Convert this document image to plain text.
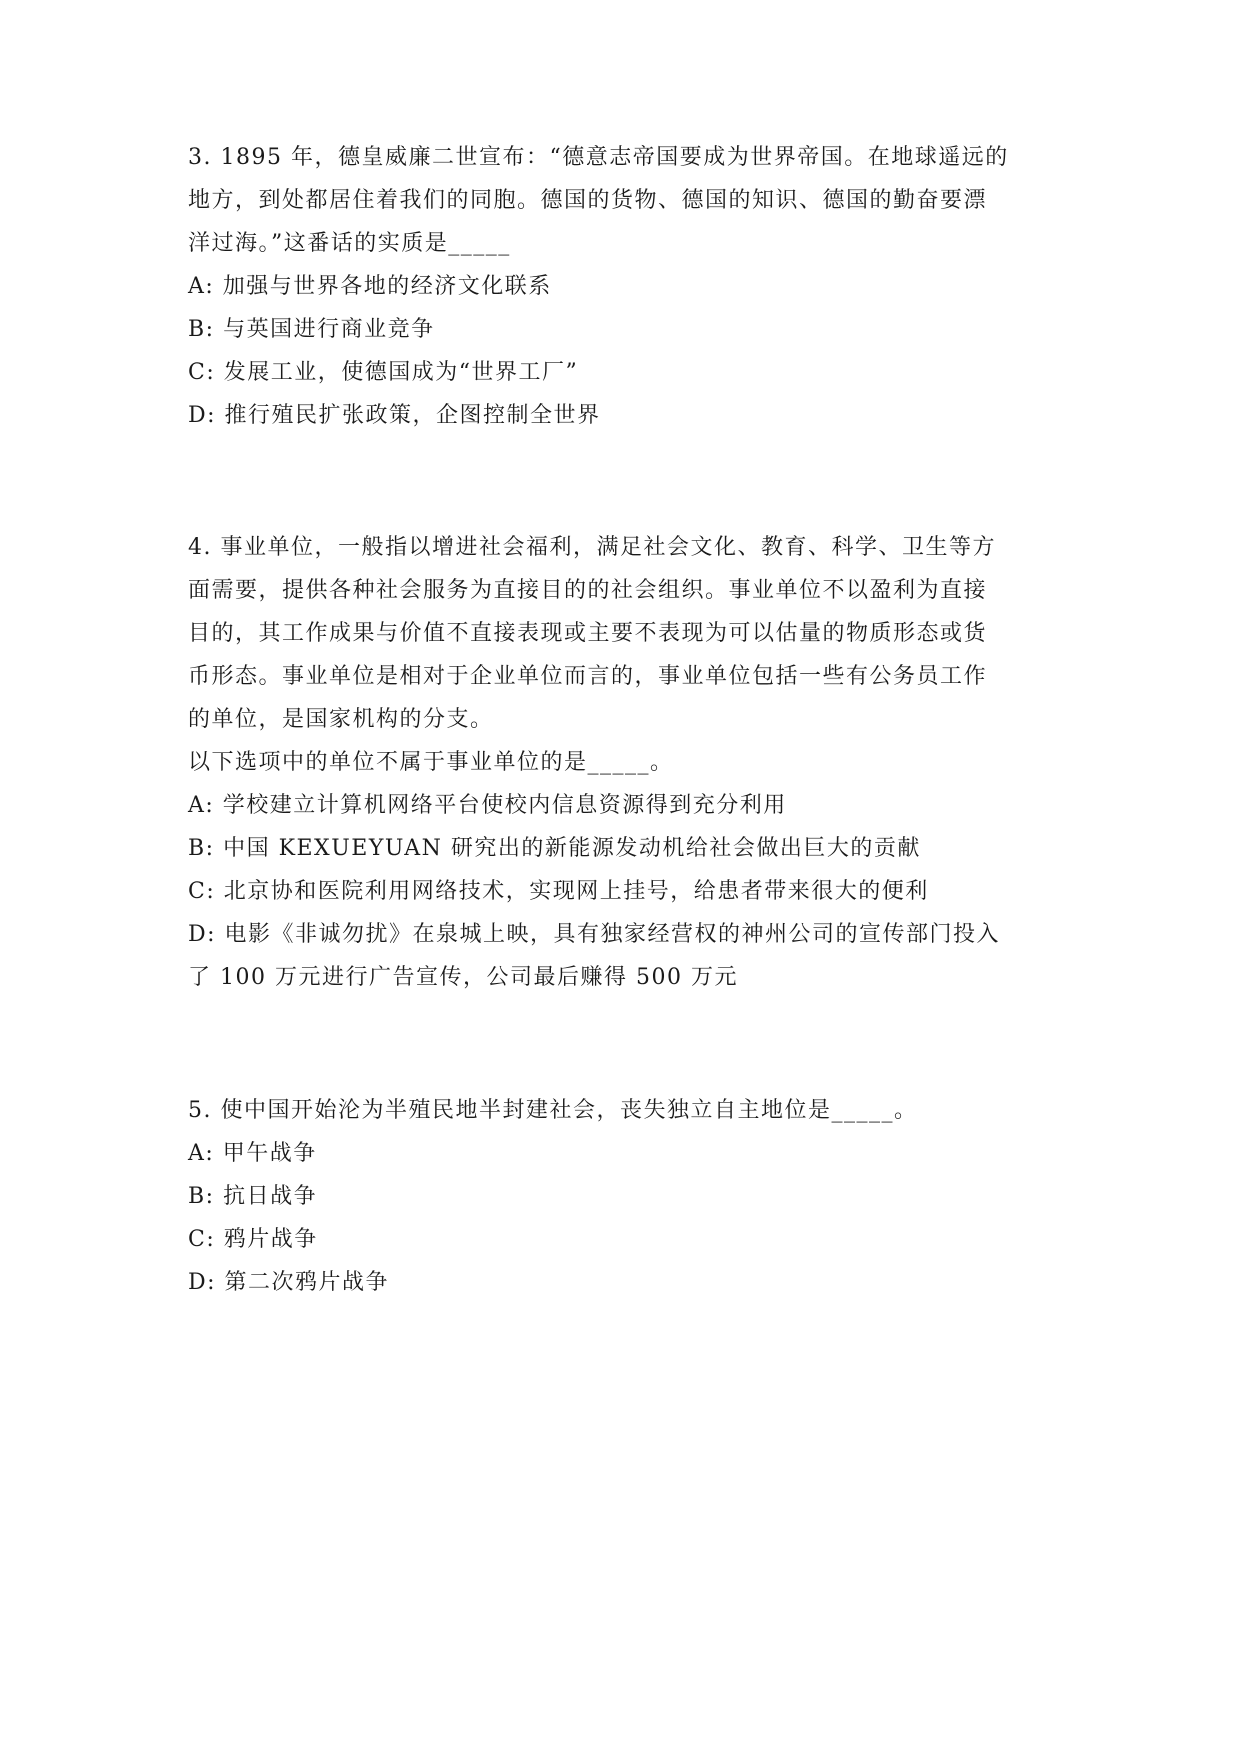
3. 1895 年，德皇威廉二世宣布：“德意志帝国要成为世界帝国。在地球遥远的

地方，到处都居住着我们的同胞。德国的货物、德国的知识、德国的勤奋要漂

洋过海。”这番话的实质是_____

A: 加强与世界各地的经济文化联系

B: 与英国进行商业竞争

C: 发展工业，使德国成为“世界工厂”

D: 推行殖民扩张政策，企图控制全世界

4. 事业单位，一般指以增进社会福利，满足社会文化、教育、科学、卫生等方

面需要，提供各种社会服务为直接目的的社会组织。事业单位不以盈利为直接

目的，其工作成果与价值不直接表现或主要不表现为可以估量的物质形态或货

币形态。事业单位是相对于企业单位而言的，事业单位包括一些有公务员工作

的单位，是国家机构的分支。

以下选项中的单位不属于事业单位的是_____。

A: 学校建立计算机网络平台使校内信息资源得到充分利用

B: 中国 KEXUEYUAN 研究出的新能源发动机给社会做出巨大的贡献

C: 北京协和医院利用网络技术，实现网上挂号，给患者带来很大的便利

D: 电影《非诚勿扰》在泉城上映，具有独家经营权的神州公司的宣传部门投入

了 100 万元进行广告宣传，公司最后赚得 500 万元

5. 使中国开始沦为半殖民地半封建社会，丧失独立自主地位是_____。

A: 甲午战争

B: 抗日战争

C: 鸦片战争

D: 第二次鸦片战争
